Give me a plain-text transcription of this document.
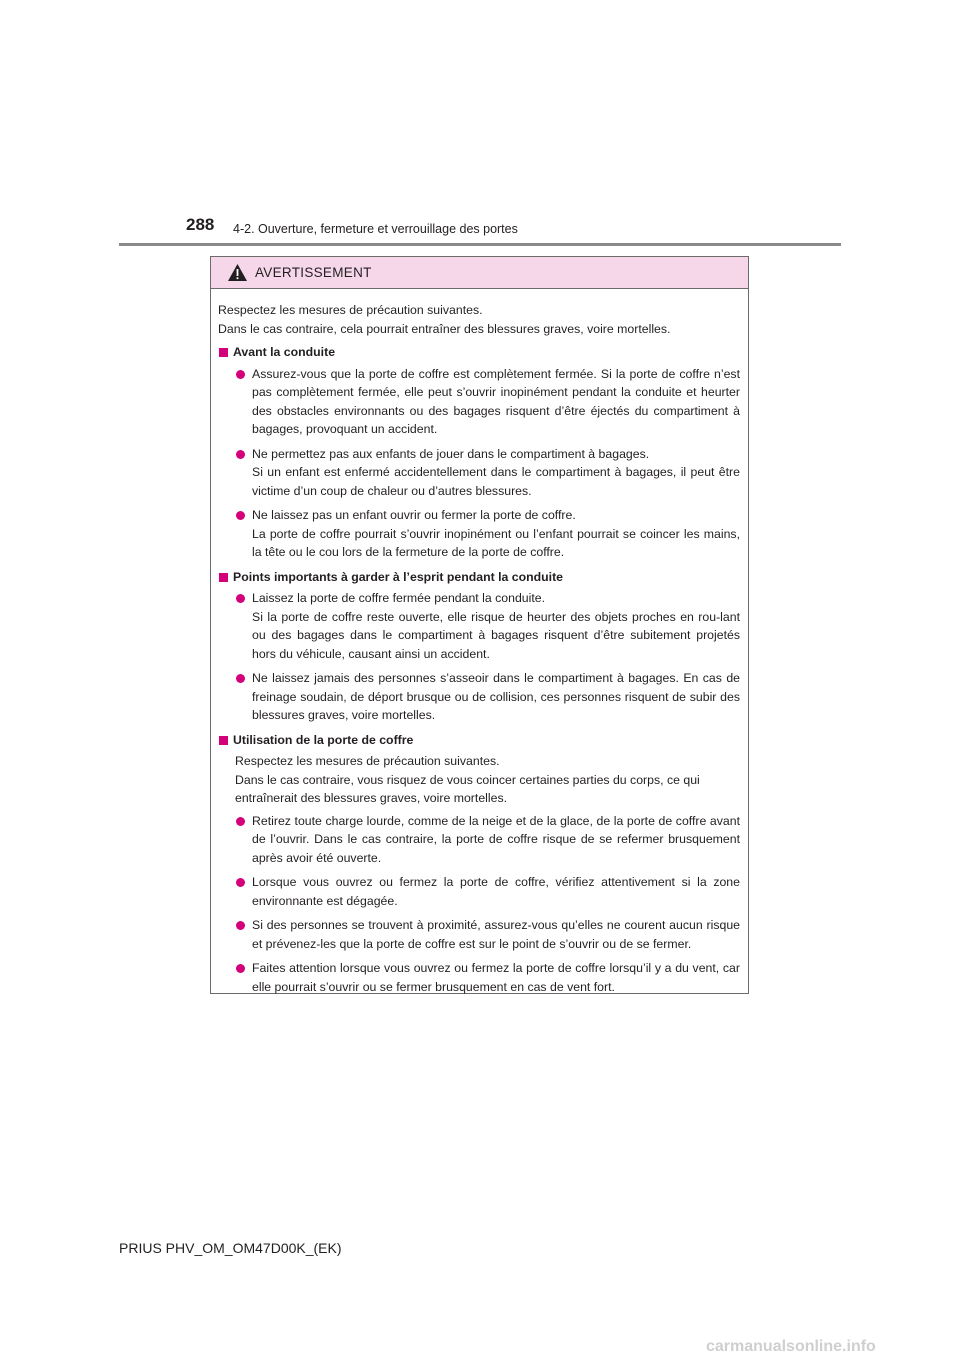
288 4-2. Ouverture, fermeture et verrouillage des portes
AVERTISSEMENT
Respectez les mesures de précaution suivantes.
Dans le cas contraire, cela pourrait entraîner des blessures graves, voire mortelles.
Avant la conduite
Assurez-vous que la porte de coffre est complètement fermée. Si la porte de coffre n’est pas complètement fermée, elle peut s’ouvrir inopinément pendant la conduite et heurter des obstacles environnants ou des bagages risquent d’être éjectés du compartiment à bagages, provoquant un accident.
Ne permettez pas aux enfants de jouer dans le compartiment à bagages.
Si un enfant est enfermé accidentellement dans le compartiment à bagages, il peut être victime d’un coup de chaleur ou d’autres blessures.
Ne laissez pas un enfant ouvrir ou fermer la porte de coffre.
La porte de coffre pourrait s’ouvrir inopinément ou l’enfant pourrait se coincer les mains, la tête ou le cou lors de la fermeture de la porte de coffre.
Points importants à garder à l’esprit pendant la conduite
Laissez la porte de coffre fermée pendant la conduite.
Si la porte de coffre reste ouverte, elle risque de heurter des objets proches en rou-lant ou des bagages dans le compartiment à bagages risquent d’être subitement projetés hors du véhicule, causant ainsi un accident.
Ne laissez jamais des personnes s’asseoir dans le compartiment à bagages. En cas de freinage soudain, de déport brusque ou de collision, ces personnes risquent de subir des blessures graves, voire mortelles.
Utilisation de la porte de coffre
Respectez les mesures de précaution suivantes.
Dans le cas contraire, vous risquez de vous coincer certaines parties du corps, ce qui entraînerait des blessures graves, voire mortelles.
Retirez toute charge lourde, comme de la neige et de la glace, de la porte de coffre avant de l’ouvrir. Dans le cas contraire, la porte de coffre risque de se refermer brusquement après avoir été ouverte.
Lorsque vous ouvrez ou fermez la porte de coffre, vérifiez attentivement si la zone environnante est dégagée.
Si des personnes se trouvent à proximité, assurez-vous qu’elles ne courent aucun risque et prévenez-les que la porte de coffre est sur le point de s’ouvrir ou de se fermer.
Faites attention lorsque vous ouvrez ou fermez la porte de coffre lorsqu’il y a du vent, car elle pourrait s’ouvrir ou se fermer brusquement en cas de vent fort.
PRIUS PHV_OM_OM47D00K_(EK)
carmanualsonline.info
